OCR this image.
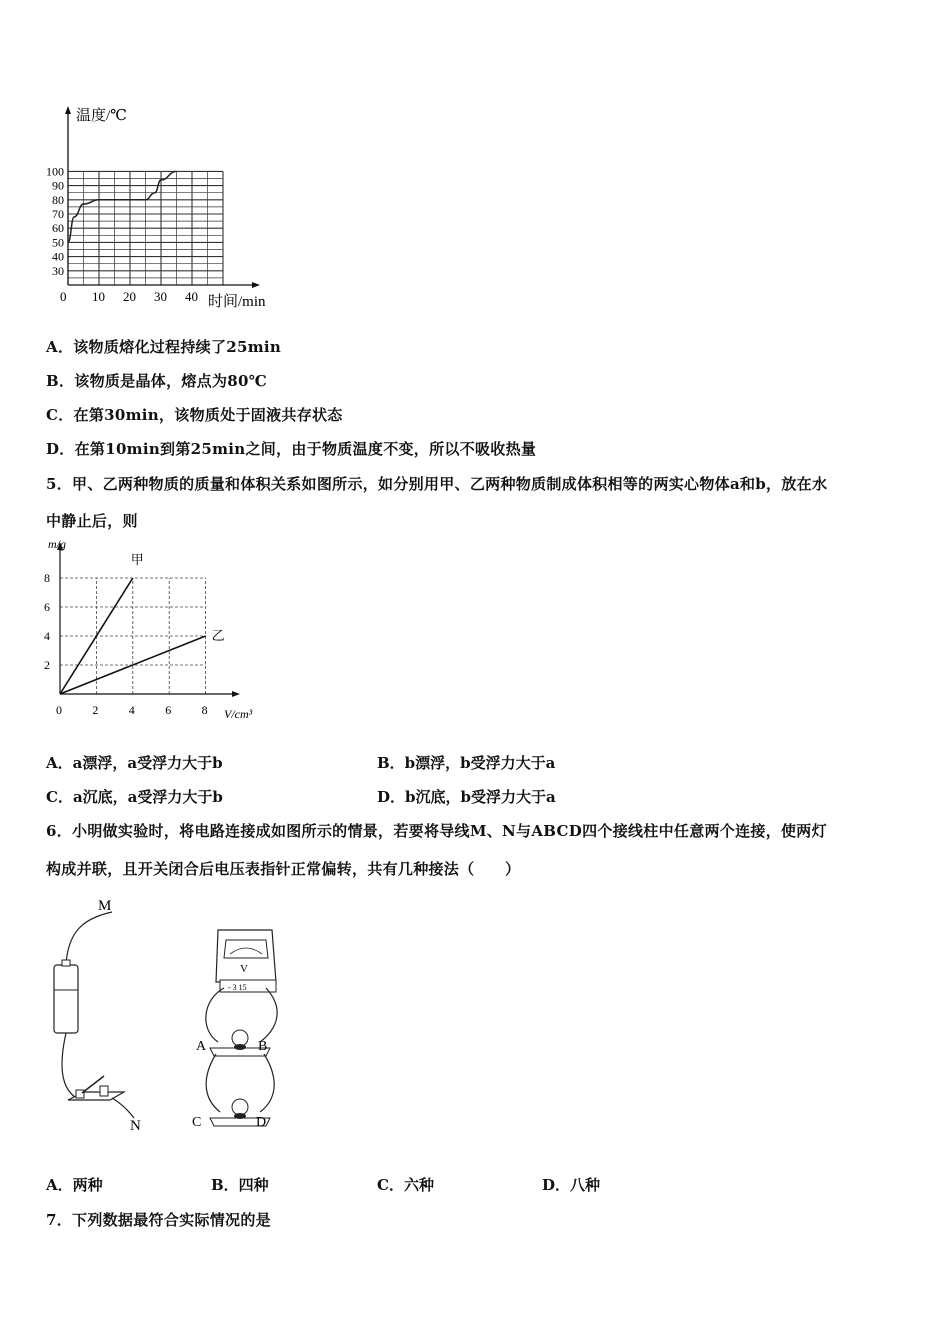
0 10 20 30 40
30
40
50
60
70
80
90
100
温度/℃
时间/min
A．该物质熔化过程持续了25min
B．该物质是晶体，熔点为80℃
C．在第30min，该物质处于固液共存状态
D．在第10min到第25min之间，由于物质温度不变，所以不吸收热量
5．甲、乙两种物质的质量和体积关系如图所示，如分别用甲、乙两种物质制成体积相等的两实心物体a和b，放在水
中静止后，则
0	2	4	6	8
2
4
6
8
甲
乙
m/g
V/cm³
A．a漂浮，a受浮力大于b	B．b漂浮，b受浮力大于a
C．a沉底，a受浮力大于b	D．b沉底，b受浮力大于a
6．小明做实验时，将电路连接成如图所示的情景，若要将导线M、N与ABCD四个接线柱中任意两个连接，使两灯
构成并联，且开关闭合后电压表指针正常偏转，共有几种接法（　　）
M
N
V
- 3 15
A	B
C	D
A．两种	B．四种	C．六种	D．八种
7．下列数据最符合实际情况的是
